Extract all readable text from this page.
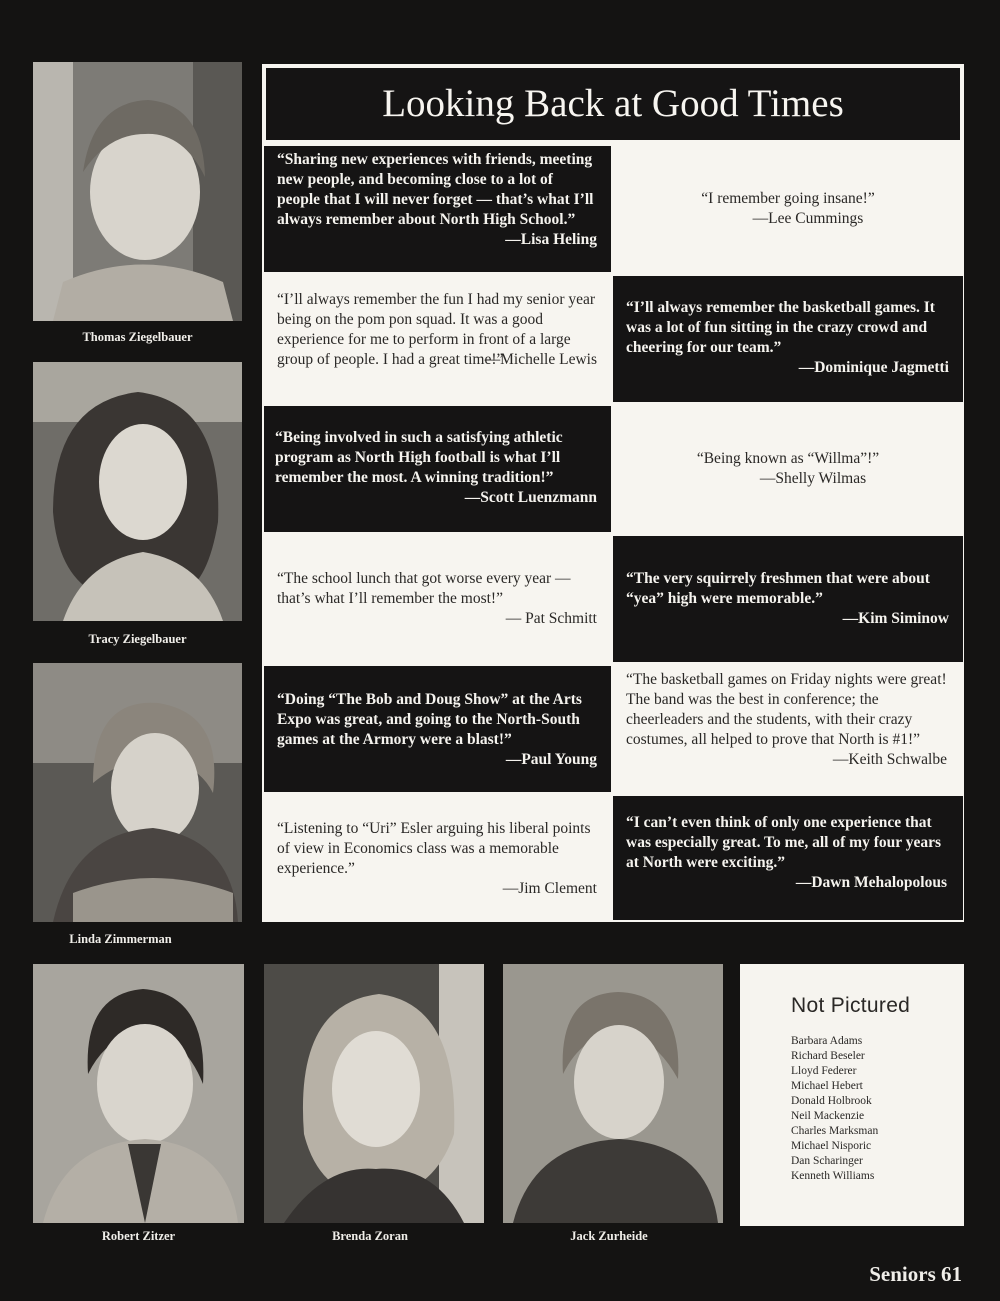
Thomas Ziegelbauer
Tracy Ziegelbauer
Linda Zimmerman
Robert Zitzer	Brenda Zoran	Jack Zurheide
Looking Back at Good Times
“Sharing new experiences with friends, meeting new people, and becoming close to a lot of people that I will never forget — that’s what I’ll always remember about North High School.”
—Lisa Heling
“I remember going insane!”
—Lee Cummings
“I’ll always remember the fun I had my senior year being on the pom pon squad. It was a good experience for me to perform in front of a large group of people. I had a great time!”
—Michelle Lewis
“I’ll always remember the basketball games. It was a lot of fun sitting in the crazy crowd and cheering for our team.”
—Dominique Jagmetti
“Being involved in such a satisfying athletic program as North High football is what I’ll remember the most. A winning tradition!”
—Scott Luenzmann
“Being known as “Willma”!”
—Shelly Wilmas
“The school lunch that got worse every year — that’s what I’ll remember the most!”
— Pat Schmitt
“The very squirrely freshmen that were about “yea” high were memorable.”
—Kim Siminow
“Doing “The Bob and Doug Show” at the Arts Expo was great, and going to the North-South games at the Armory were a blast!”
—Paul Young
“The basketball games on Friday nights were great! The band was the best in conference; the cheerleaders and the students, with their crazy costumes, all helped to prove that North is #1!”
—Keith Schwalbe
“Listening to “Uri” Esler arguing his liberal points of view in Economics class was a memorable experience.”
—Jim Clement
“I can’t even think of only one experience that was especially great. To me, all of my four years at North were exciting.”
—Dawn Mehalopolous
Not Pictured
Barbara Adams
Richard Beseler
Lloyd Federer
Michael Hebert
Donald Holbrook
Neil Mackenzie
Charles Marksman
Michael Nisporic
Dan Scharinger
Kenneth Williams
Seniors 61
